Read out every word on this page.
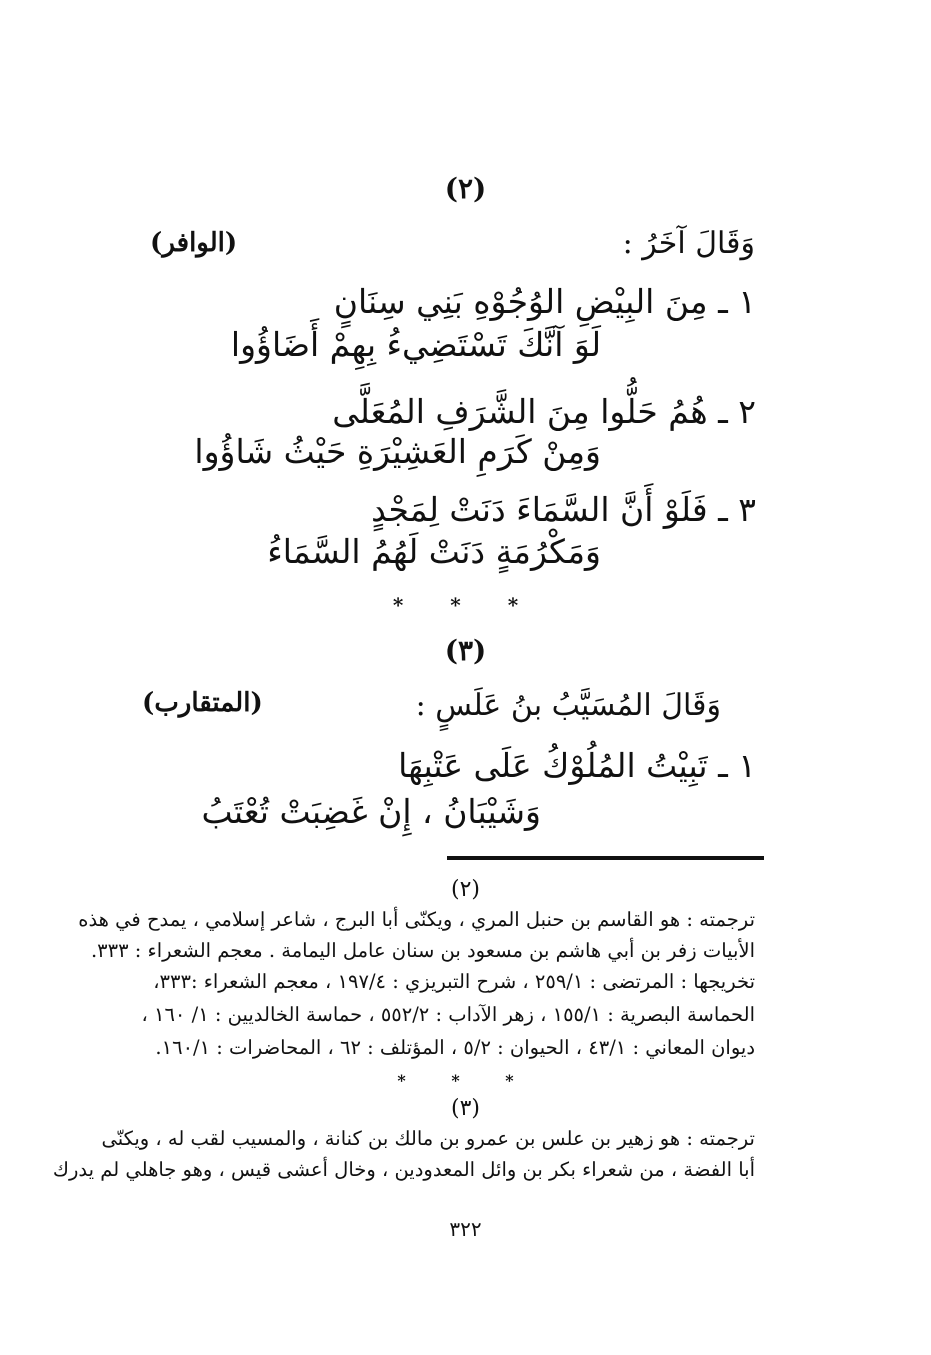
(٢)
وَقَالَ آخَرُ :
(الوافر)
١ ـ مِنَ البِيْضِ الوُجُوْهِ بَنِي سِنَانٍ
لَوَ آنَّكَ تَسْتَضِيءُ بِهِمْ أَضَاؤُوا
٢ ـ هُمُ حَلُّوا مِنَ الشَّرَفِ المُعَلَّى
وَمِنْ كَرَمِ العَشِيْرَةِ حَيْثُ شَاؤُوا
٣ ـ فَلَوْ أَنَّ السَّمَاءَ دَنَتْ لِمَجْدٍ
وَمَكْرُمَةٍ دَنَتْ لَهُمُ السَّمَاءُ
* * *
(٣)
وَقَالَ المُسَيَّبُ بنُ عَلَسٍ :
(المتقارب)
١ ـ تَبِيْتُ المُلُوْكُ عَلَى عَتْبِهَا
وَشَيْبَانُ ، إِنْ غَضِبَتْ تُعْتَبُ
(٢)
ترجمته : هو القاسم بن حنبل المري ، ويكنّى أبا البرج ، شاعر إسلامي ، يمدح في هذه
الأبيات زفر بن أبي هاشم بن مسعود بن سنان عامل اليمامة . معجم الشعراء : ٣٣٣.
تخريجها : المرتضى : ٢٥٩/١ ، شرح التبريزي : ١٩٧/٤ ، معجم الشعراء :٣٣٣،
الحماسة البصرية : ١٥٥/١ ، زهر الآداب : ٥٥٢/٢ ، حماسة الخالديين : ١/ ١٦٠ ،
ديوان المعاني : ٤٣/١ ، الحيوان : ٥/٢ ، المؤتلف : ٦٢ ، المحاضرات : ١٦٠/١.
* * *
(٣)
ترجمته : هو زهير بن علس بن عمرو بن مالك بن كنانة ، والمسيب لقب له ، ويكنّى
أبا الفضة ، من شعراء بكر بن وائل المعدودين ، وخال أعشى قيس ، وهو جاهلي لم يدرك
٣٢٢
